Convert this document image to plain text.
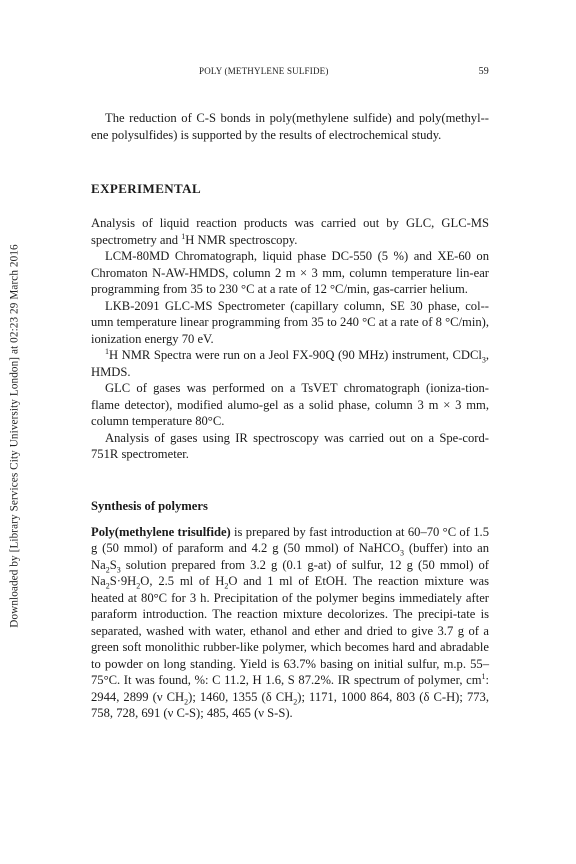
Downloaded by [Library Services City University London] at 02:23 29 March 2016
POLY (METHYLENE SULFIDE)	59

The reduction of C-S bonds in poly(methylene sulfide) and poly(methyl-ene polysulfides) is supported by the results of electrochemical study.

EXPERIMENTAL

Analysis of liquid reaction products was carried out by GLC, GLC-MS spectrometry and $^1$H NMR spectroscopy.

LCM-80MD Chromatograph, liquid phase DC-550 (5 %) and XE-60 on Chromaton N-AW-HMDS, column 2 m × 3 mm, column temperature lin-ear programming from 35 to 230 °C at a rate of 12 °C/min, gas-carrier helium.

LKB-2091 GLC-MS Spectrometer (capillary column, SE 30 phase, col-umn temperature linear programming from 35 to 240 °C at a rate of 8 °C/min), ionization energy 70 eV.

$^1$H NMR Spectra were run on a Jeol FX-90Q (90 MHz) instrument, CDCl$_3$, HMDS.

GLC of gases was performed on a TsVET chromatograph (ioniza-tion-flame detector), modified alumo-gel as a solid phase, column 3 m × 3 mm, column temperature 80°C.

Analysis of gases using IR spectroscopy was carried out on a Spe-cord-751R spectrometer.

Synthesis of polymers

Poly(methylene trisulfide) is prepared by fast introduction at 60–70 °C of 1.5 g (50 mmol) of paraform and 4.2 g (50 mmol) of NaHCO$_3$ (buffer) into an $Na_2S_3$ solution prepared from 3.2 g (0.1 g-at) of sulfur, 12 g (50 mmol) of $Na_2S\cdot 9H_2O$, 2.5 ml of $H_2O$ and 1 ml of EtOH. The reaction mixture was heated at 80°C for 3 h. Precipitation of the polymer begins immediately after paraform introduction. The reaction mixture decolorizes. The precipi-tate is separated, washed with water, ethanol and ether and dried to give 3.7 g of a green soft monolithic rubber-like polymer, which becomes hard and abradable to powder on long standing. Yield is 63.7% basing on initial sulfur, m.p. 55–75°C. It was found, %: C 11.2, H 1.6, S 87.2%. IR spectrum of polymer, $cm^1$: 2944, 2899 (ν $CH_2$); 1460, 1355 (δ $CH_2$); 1171, 1000 864, 803 (δ C-H); 773, 758, 728, 691 (ν C-S); 485, 465 (ν S-S).
